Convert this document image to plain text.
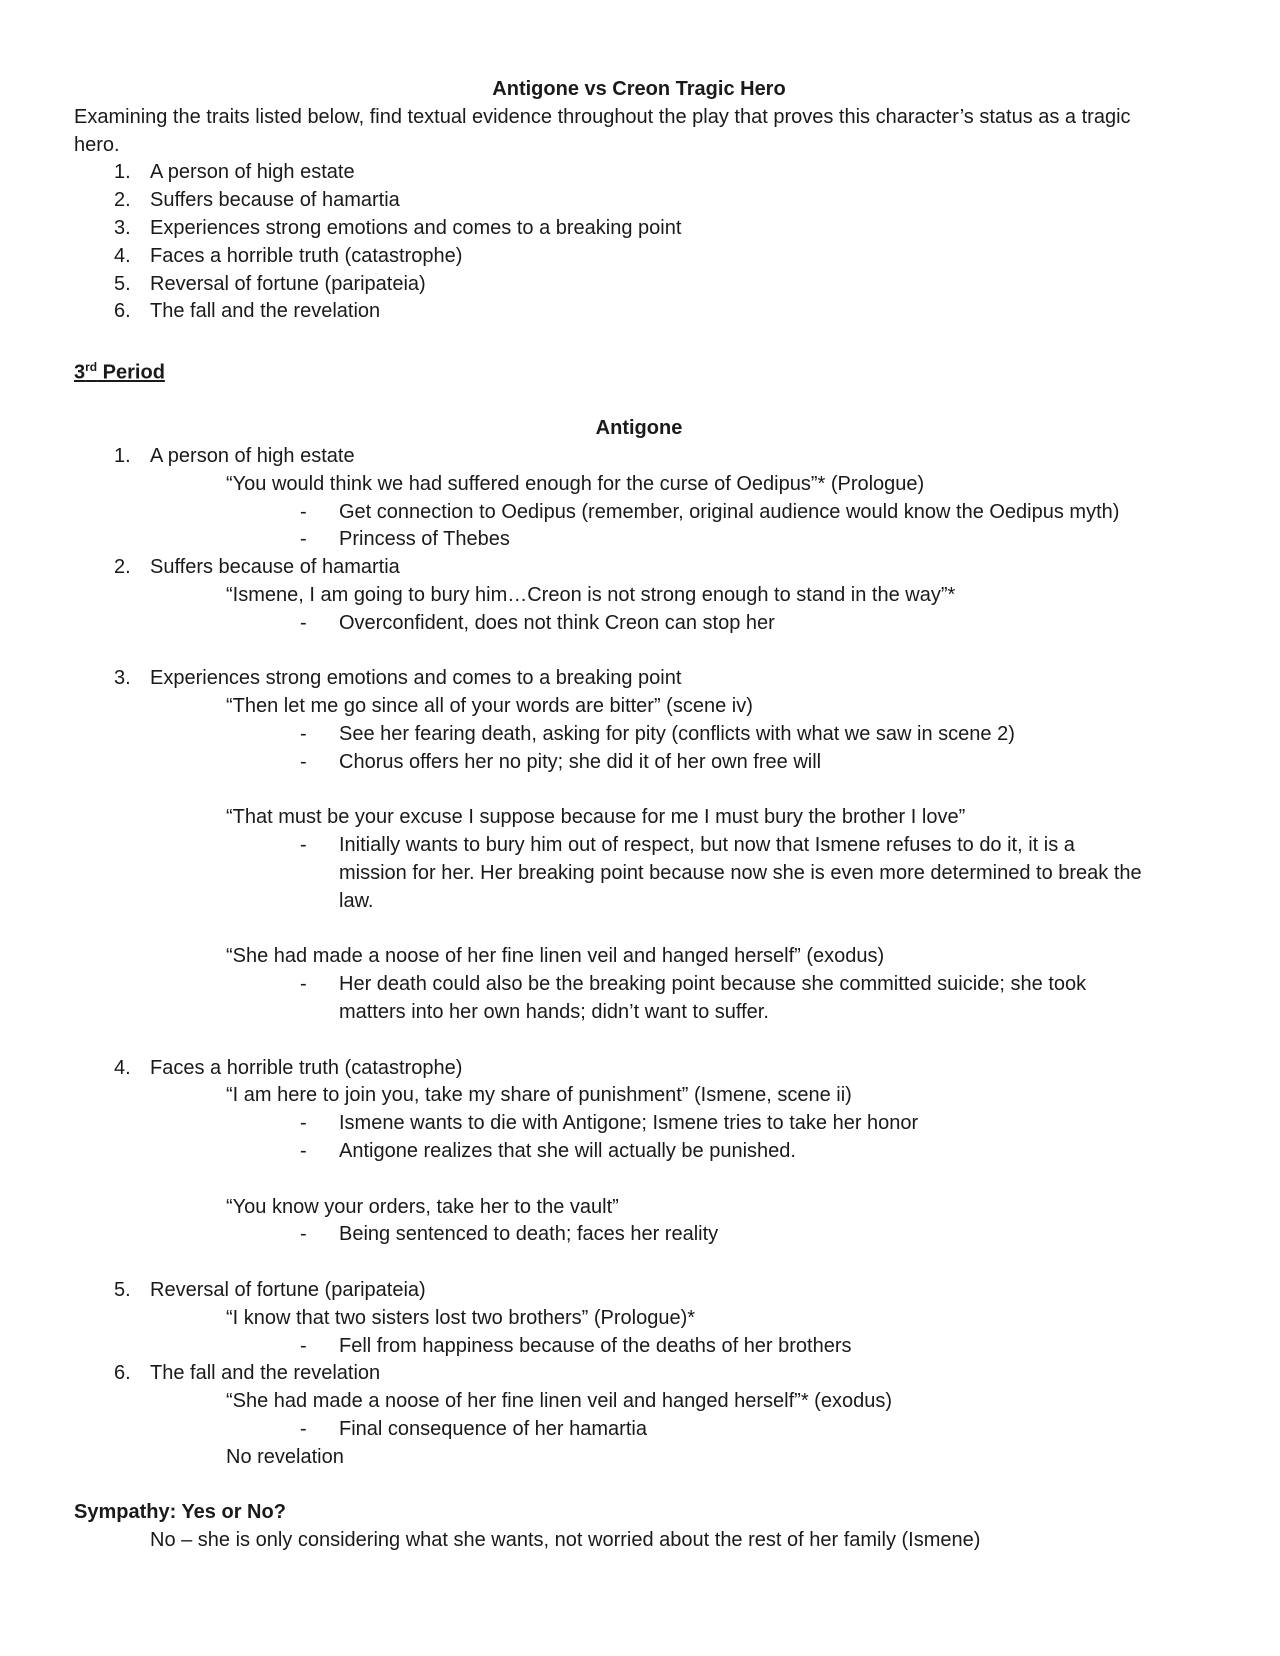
Antigone vs Creon Tragic Hero
Examining the traits listed below, find textual evidence throughout the play that proves this character’s status as a tragic
hero.
1. A person of high estate
2. Suffers because of hamartia
3. Experiences strong emotions and comes to a breaking point
4. Faces a horrible truth (catastrophe)
5. Reversal of fortune (paripateia)
6. The fall and the revelation
3rd Period
Antigone
1. A person of high estate
“You would think we had suffered enough for the curse of Oedipus”* (Prologue)
- Get connection to Oedipus (remember, original audience would know the Oedipus myth)
- Princess of Thebes
2. Suffers because of hamartia
“Ismene, I am going to bury him…Creon is not strong enough to stand in the way”*
- Overconfident, does not think Creon can stop her
3. Experiences strong emotions and comes to a breaking point
“Then let me go since all of your words are bitter” (scene iv)
- See her fearing death, asking for pity (conflicts with what we saw in scene 2)
- Chorus offers her no pity; she did it of her own free will
“That must be your excuse I suppose because for me I must bury the brother I love”
- Initially wants to bury him out of respect, but now that Ismene refuses to do it, it is a
mission for her. Her breaking point because now she is even more determined to break the
law.
“She had made a noose of her fine linen veil and hanged herself” (exodus)
- Her death could also be the breaking point because she committed suicide; she took
matters into her own hands; didn’t want to suffer.
4. Faces a horrible truth (catastrophe)
“I am here to join you, take my share of punishment” (Ismene, scene ii)
- Ismene wants to die with Antigone; Ismene tries to take her honor
- Antigone realizes that she will actually be punished.
“You know your orders, take her to the vault”
- Being sentenced to death; faces her reality
5. Reversal of fortune (paripateia)
“I know that two sisters lost two brothers” (Prologue)*
- Fell from happiness because of the deaths of her brothers
6. The fall and the revelation
“She had made a noose of her fine linen veil and hanged herself”* (exodus)
- Final consequence of her hamartia
No revelation
Sympathy: Yes or No?
No – she is only considering what she wants, not worried about the rest of her family (Ismene)
